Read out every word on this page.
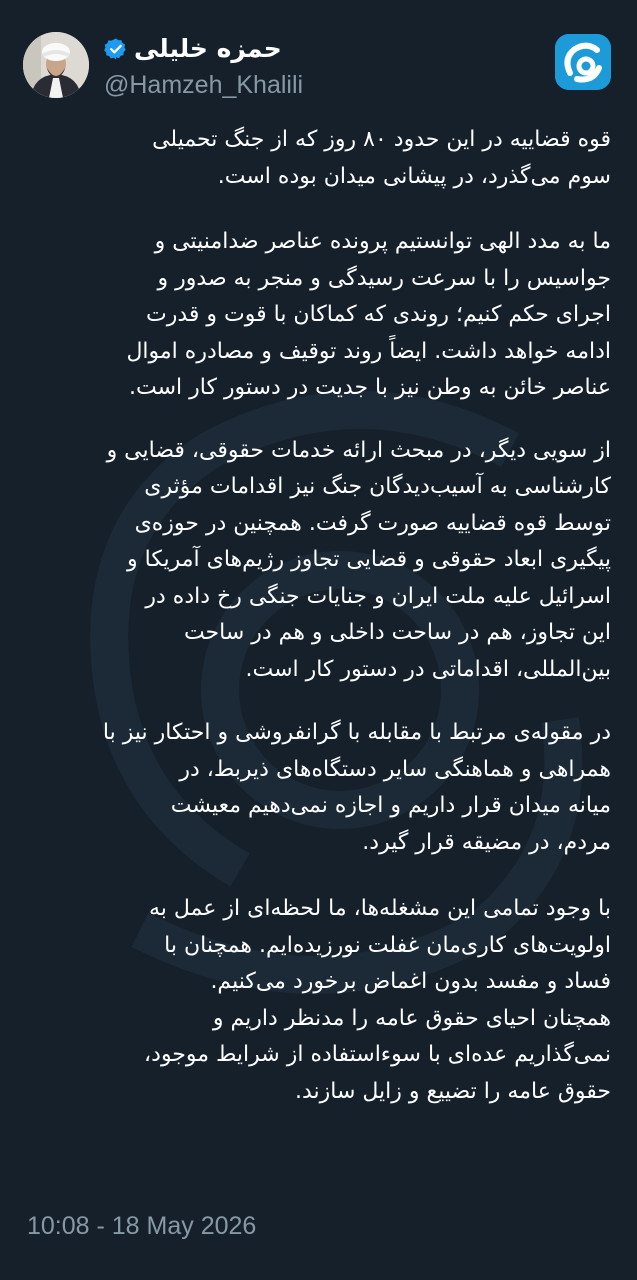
حمزه خلیلی
@Hamzeh_Khalili

قوه قضاییه در این حدود ۸۰ روز که از جنگ تحمیلی
سوم می‌گذرد، در پیشانی میدان بوده است.

ما به مدد الهی توانستیم پرونده عناصر ضدامنیتی و
جواسیس را با سرعت رسیدگی و منجر به صدور و
اجرای حکم کنیم؛ روندی که کماکان با قوت و قدرت
ادامه خواهد داشت. ایضاً روند توقیف و مصادره اموال
عناصر خائن به وطن نیز با جدیت در دستور کار است.

از سویی دیگر، در مبحث ارائه خدمات حقوقی، قضایی و
کارشناسی به آسیب‌دیدگان جنگ نیز اقدامات مؤثری
توسط قوه قضاییه صورت گرفت. همچنین در حوزه‌ی
پیگیری ابعاد حقوقی و قضایی تجاوز رژیم‌های آمریکا و
اسرائیل علیه ملت ایران و جنایات جنگی رخ داده در
این تجاوز، هم در ساحت داخلی و هم در ساحت
بین‌المللی، اقداماتی در دستور کار است.

در مقوله‌ی مرتبط با مقابله با گرانفروشی و احتکار نیز با
همراهی و هماهنگی سایر دستگاه‌های ذیربط، در
میانه میدان قرار داریم و اجازه نمی‌دهیم معیشت
مردم، در مضیقه قرار گیرد.

با وجود تمامی این مشغله‌ها، ما لحظه‌ای از عمل به
اولویت‌های کاری‌مان غفلت نورزیده‌ایم. همچنان با
فساد و مفسد بدون اغماض برخورد می‌کنیم.
همچنان احیای حقوق عامه را مدنظر داریم و
نمی‌گذاریم عده‌ای با سوءاستفاده از شرایط موجود،
حقوق عامه را تضییع و زایل سازند.

10:08 - 18 May 2026
